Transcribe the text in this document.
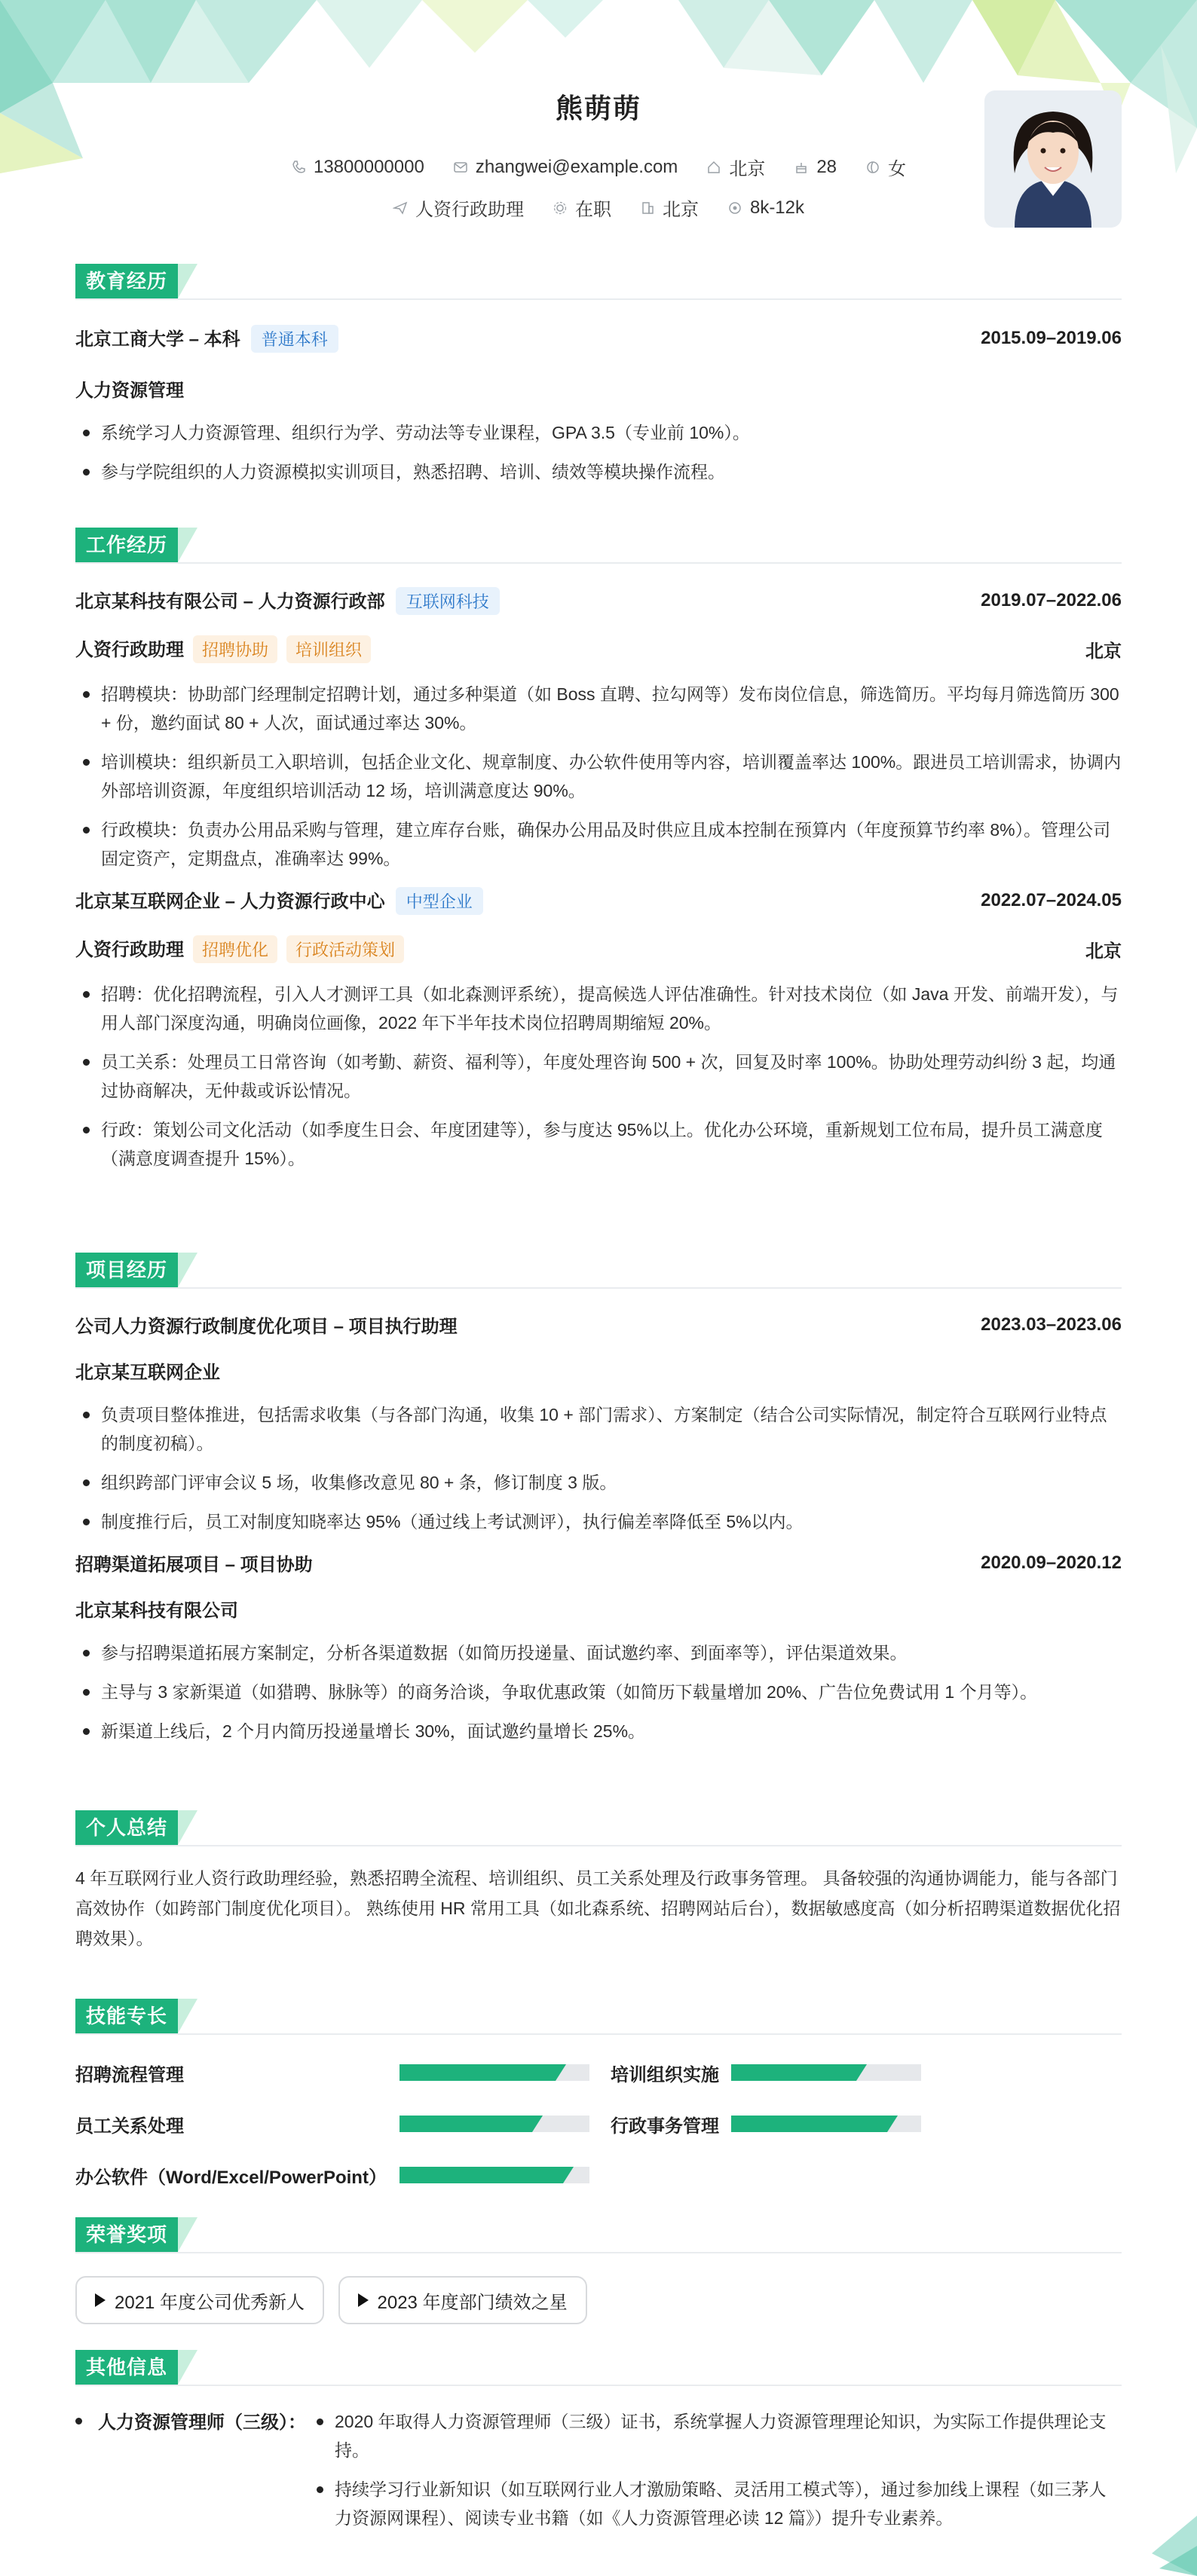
熊萌萌
13800000000	zhangwei@example.com	北京	28	女
人资行政助理	在职	北京	8k-12k
教育经历
北京工商大学 – 本科 普通本科	2015.09–2019.06
人力资源管理
系统学习人力资源管理、组织行为学、劳动法等专业课程，GPA 3.5（专业前 10%）。
参与学院组织的人力资源模拟实训项目，熟悉招聘、培训、绩效等模块操作流程。
工作经历
北京某科技有限公司 – 人力资源行政部 互联网科技	2019.07–2022.06
人资行政助理 招聘协助 培训组织	北京
招聘模块：协助部门经理制定招聘计划，通过多种渠道（如 Boss 直聘、拉勾网等）发布岗位信息，筛选简历。平均每月筛选简历 300 + 份，邀约面试 80 + 人次，面试通过率达 30%。
培训模块：组织新员工入职培训，包括企业文化、规章制度、办公软件使用等内容，培训覆盖率达 100%。跟进员工培训需求，协调内外部培训资源，年度组织培训活动 12 场，培训满意度达 90%。
行政模块：负责办公用品采购与管理，建立库存台账，确保办公用品及时供应且成本控制在预算内（年度预算节约率 8%）。管理公司固定资产，定期盘点，准确率达 99%。
北京某互联网企业 – 人力资源行政中心 中型企业	2022.07–2024.05
人资行政助理 招聘优化 行政活动策划	北京
招聘：优化招聘流程，引入人才测评工具（如北森测评系统），提高候选人评估准确性。针对技术岗位（如 Java 开发、前端开发），与用人部门深度沟通，明确岗位画像，2022 年下半年技术岗位招聘周期缩短 20%。
员工关系：处理员工日常咨询（如考勤、薪资、福利等），年度处理咨询 500 + 次，回复及时率 100%。协助处理劳动纠纷 3 起，均通过协商解决，无仲裁或诉讼情况。
行政：策划公司文化活动（如季度生日会、年度团建等），参与度达 95%以上。优化办公环境，重新规划工位布局，提升员工满意度（满意度调查提升 15%）。
项目经历
公司人力资源行政制度优化项目 – 项目执行助理	2023.03–2023.06
北京某互联网企业
负责项目整体推进，包括需求收集（与各部门沟通，收集 10 + 部门需求）、方案制定（结合公司实际情况，制定符合互联网行业特点的制度初稿）。
组织跨部门评审会议 5 场，收集修改意见 80 + 条，修订制度 3 版。
制度推行后，员工对制度知晓率达 95%（通过线上考试测评），执行偏差率降低至 5%以内。
招聘渠道拓展项目 – 项目协助	2020.09–2020.12
北京某科技有限公司
参与招聘渠道拓展方案制定，分析各渠道数据（如简历投递量、面试邀约率、到面率等），评估渠道效果。
主导与 3 家新渠道（如猎聘、脉脉等）的商务洽谈，争取优惠政策（如简历下载量增加 20%、广告位免费试用 1 个月等）。
新渠道上线后，2 个月内简历投递量增长 30%，面试邀约量增长 25%。
个人总结
4 年互联网行业人资行政助理经验，熟悉招聘全流程、培训组织、员工关系处理及行政事务管理。 具备较强的沟通协调能力，能与各部门高效协作（如跨部门制度优化项目）。 熟练使用 HR 常用工具（如北森系统、招聘网站后台），数据敏感度高（如分析招聘渠道数据优化招聘效果）。
技能专长
招聘流程管理	培训组织实施
员工关系处理	行政事务管理
办公软件（Word/Excel/PowerPoint）
荣誉奖项
2021 年度公司优秀新人
	2023 年度部门绩效之星
其他信息
人力资源管理师（三级）：	2020 年取得人力资源管理师（三级）证书，系统掌握人力资源管理理论知识，为实际工作提供理论支持。
持续学习行业新知识（如互联网行业人才激励策略、灵活用工模式等），通过参加线上课程（如三茅人力资源网课程）、阅读专业书籍（如《人力资源管理必读 12 篇》）提升专业素养。
